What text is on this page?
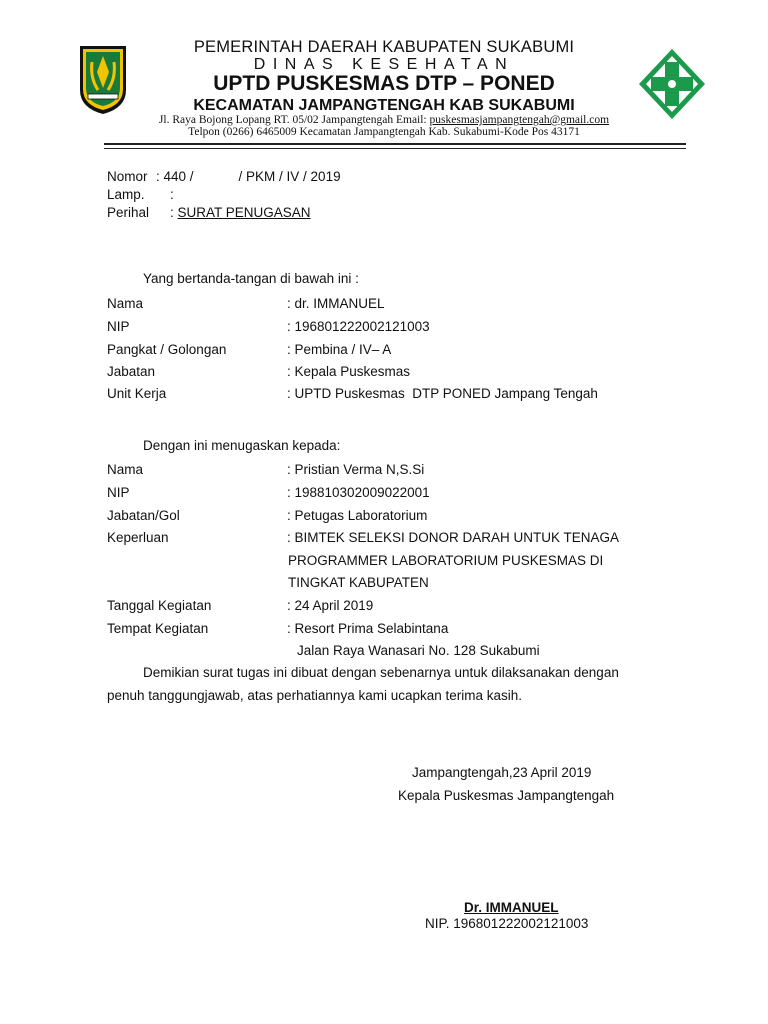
PEMERINTAH DAERAH KABUPATEN SUKABUMI
DINAS KESEHATAN
UPTD PUSKESMAS DTP – PONED
KECAMATAN JAMPANGTENGAH KAB SUKABUMI
Jl. Raya Bojong Lopang RT. 05/02 Jampangtengah Email: puskesmasjampangtengah@gmail.com
Telpon (0266) 6465009 Kecamatan Jampangtengah Kab. Sukabumi-Kode Pos 43171
Nomor : 440 /            / PKM / IV / 2019
Lamp. :
Perihal : SURAT PENUGASAN
Yang bertanda-tangan di bawah ini :
Nama	: dr. IMMANUEL
NIP	: 196801222002121003
Pangkat / Golongan	: Pembina / IV– A
Jabatan	: Kepala Puskesmas
Unit Kerja	: UPTD Puskesmas  DTP PONED Jampang Tengah
Dengan ini menugaskan kepada:
Nama	: Pristian Verma N,S.Si
NIP	: 198810302009022001
Jabatan/Gol	: Petugas Laboratorium
Keperluan	: BIMTEK SELEKSI DONOR DARAH UNTUK TENAGA
PROGRAMMER LABORATORIUM PUSKESMAS DI
TINGKAT KABUPATEN
Tanggal Kegiatan	: 24 April 2019
Tempat Kegiatan	: Resort Prima Selabintana
Jalan Raya Wanasari No. 128 Sukabumi
Demikian surat tugas ini dibuat dengan sebenarnya untuk dilaksanakan dengan
penuh tanggungjawab, atas perhatiannya kami ucapkan terima kasih.
Jampangtengah,23 April 2019
Kepala Puskesmas Jampangtengah
Dr. IMMANUEL
NIP. 196801222002121003
